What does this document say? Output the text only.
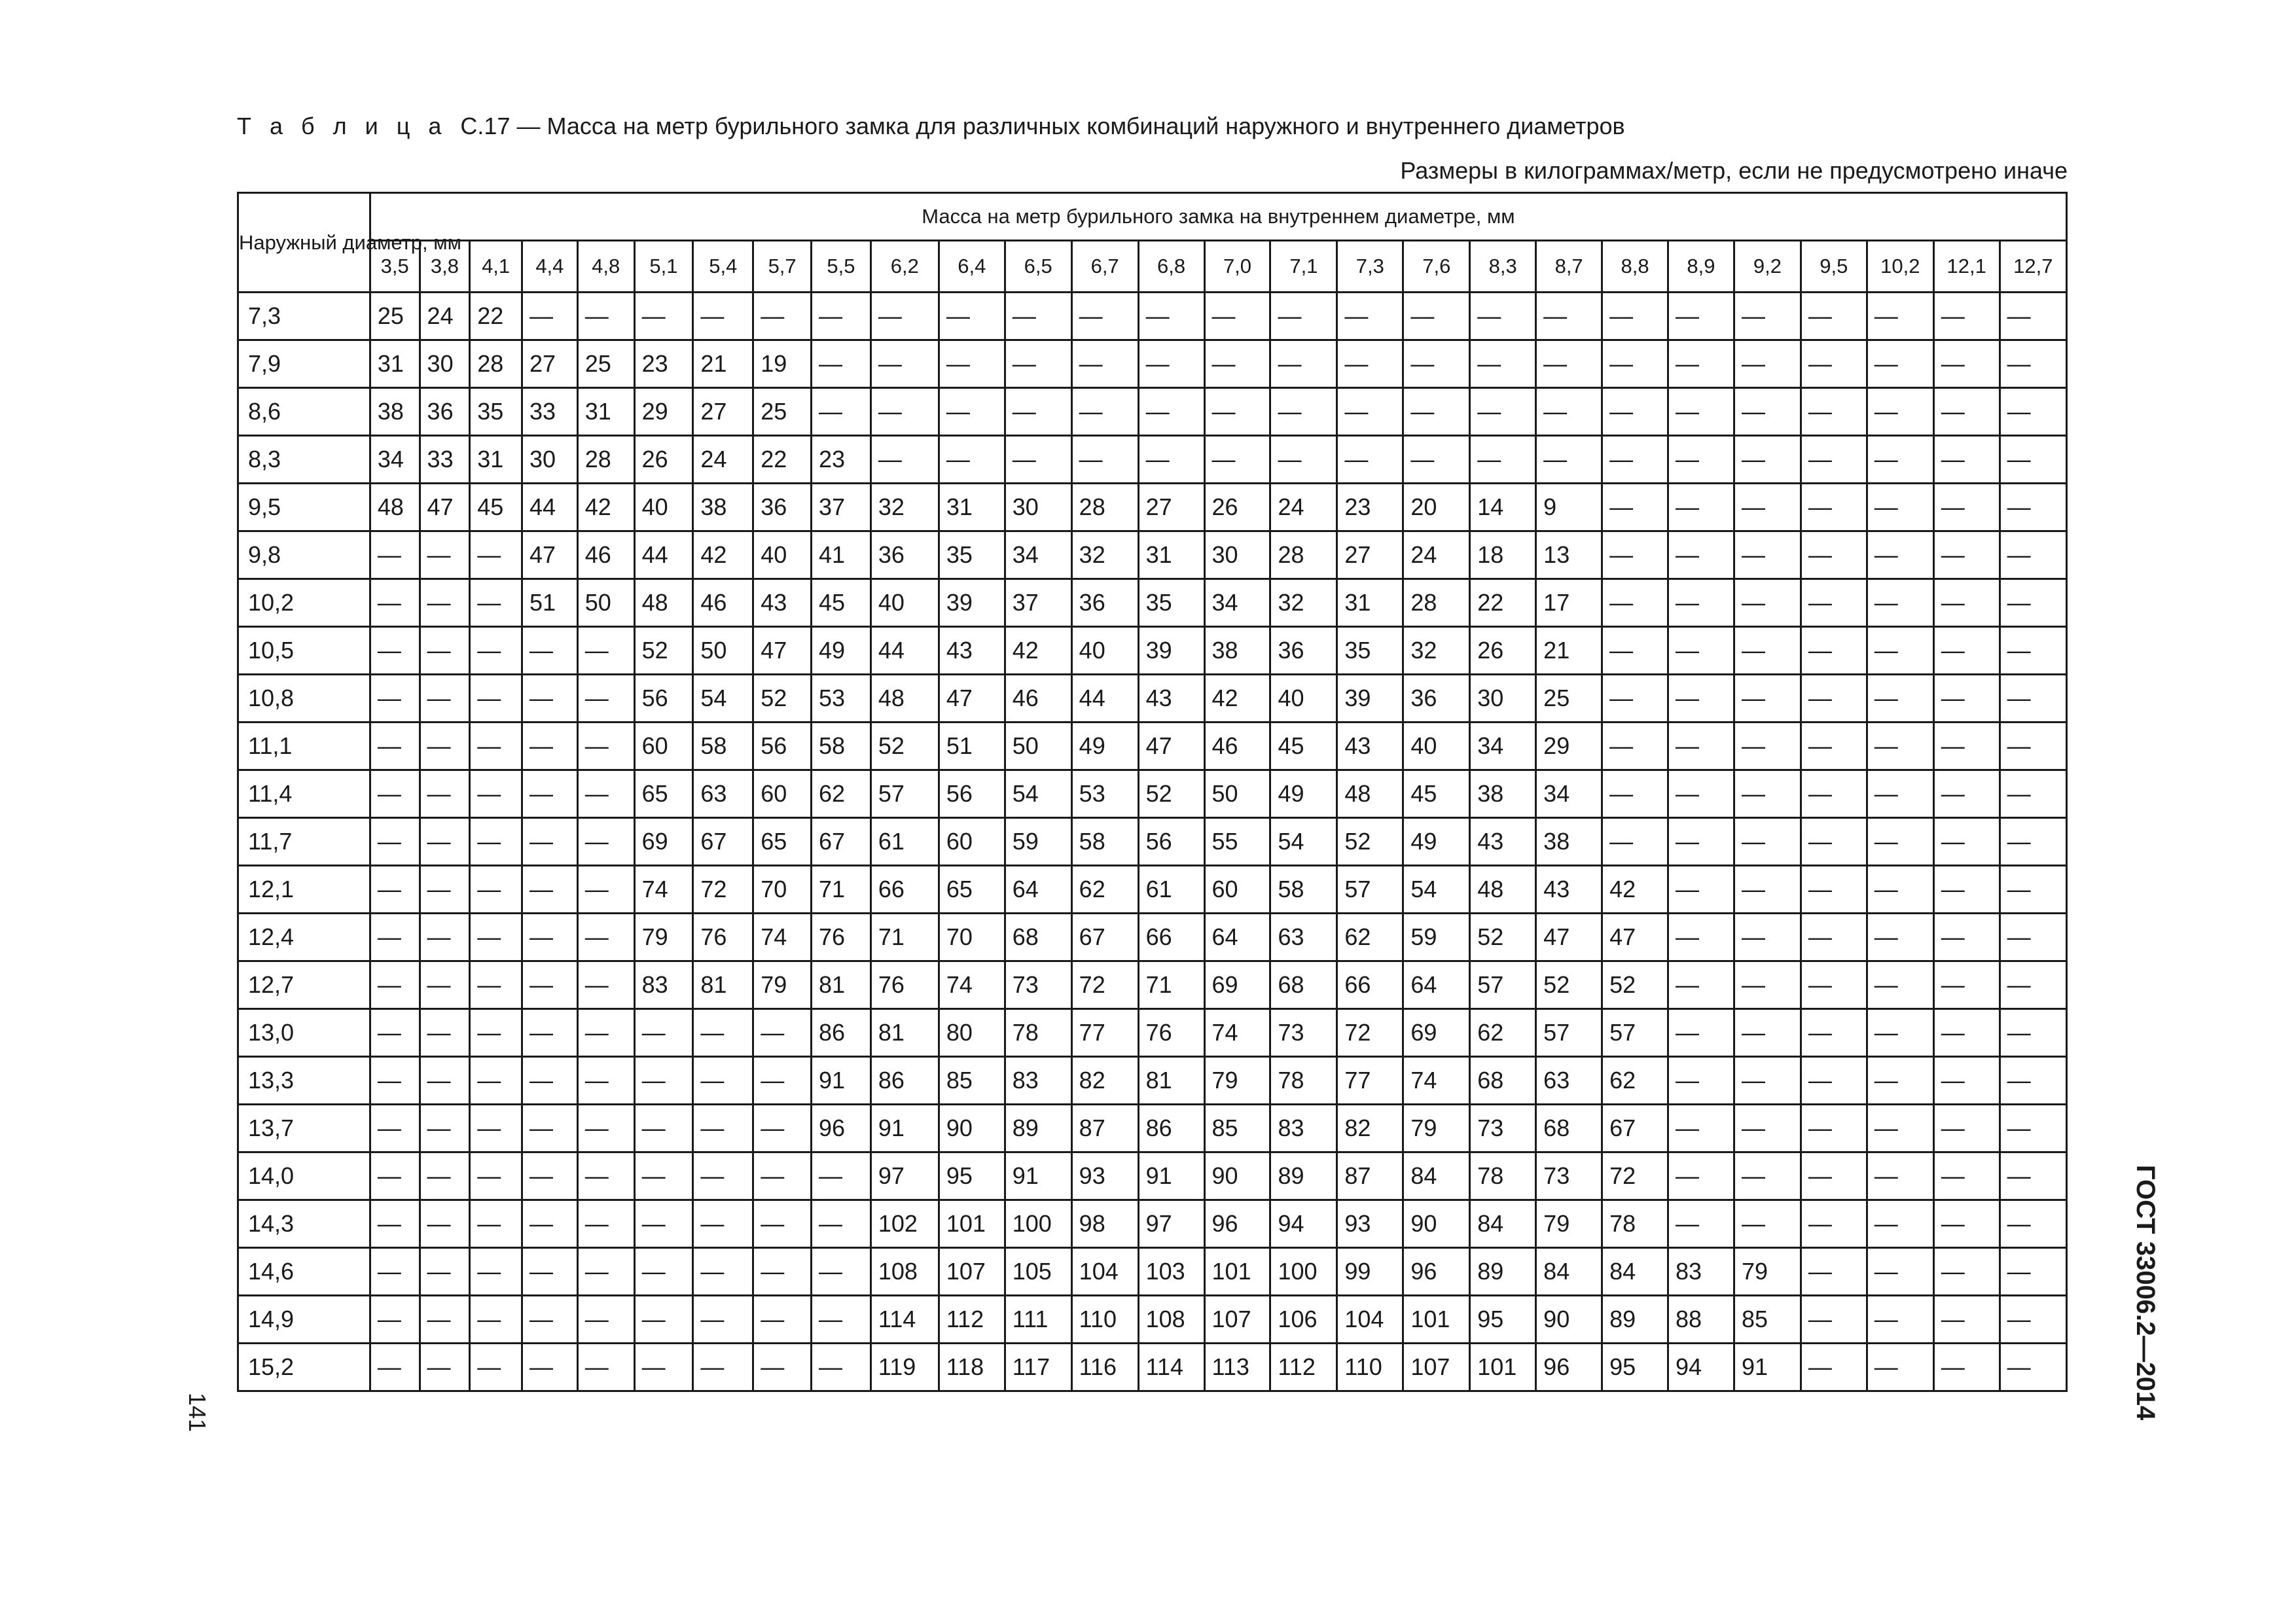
Т а б л и ц а С.17 — Масса на метр бурильного замка для различных комбинаций наружного и внутреннего диаметров
Размеры в килограммах/метр, если не предусмотрено иначе
Наружный диаметр, мм	Масса на метр бурильного замка на внутреннем диаметре, мм																										
	3,5	3,8	4,1	4,4	4,8	5,1	5,4	5,7	5,5	6,2	6,4	6,5	6,7	6,8	7,0	7,1	7,3	7,6	8,3	8,7	8,8	8,9	9,2	9,5	10,2	12,1	12,7
7,3	25	24	22	—	—	—	—	—	—	—	—	—	—	—	—	—	—	—	—	—	—	—	—	—	—	—	—
7,9	31	30	28	27	25	23	21	19	—	—	—	—	—	—	—	—	—	—	—	—	—	—	—	—	—	—	—
8,6	38	36	35	33	31	29	27	25	—	—	—	—	—	—	—	—	—	—	—	—	—	—	—	—	—	—	—
8,3	34	33	31	30	28	26	24	22	23	—	—	—	—	—	—	—	—	—	—	—	—	—	—	—	—	—	—
9,5	48	47	45	44	42	40	38	36	37	32	31	30	28	27	26	24	23	20	14	9	—	—	—	—	—	—	—
9,8	—	—	—	47	46	44	42	40	41	36	35	34	32	31	30	28	27	24	18	13	—	—	—	—	—	—	—
10,2	—	—	—	51	50	48	46	43	45	40	39	37	36	35	34	32	31	28	22	17	—	—	—	—	—	—	—
10,5	—	—	—	—	—	52	50	47	49	44	43	42	40	39	38	36	35	32	26	21	—	—	—	—	—	—	—
10,8	—	—	—	—	—	56	54	52	53	48	47	46	44	43	42	40	39	36	30	25	—	—	—	—	—	—	—
11,1	—	—	—	—	—	60	58	56	58	52	51	50	49	47	46	45	43	40	34	29	—	—	—	—	—	—	—
11,4	—	—	—	—	—	65	63	60	62	57	56	54	53	52	50	49	48	45	38	34	—	—	—	—	—	—	—
11,7	—	—	—	—	—	69	67	65	67	61	60	59	58	56	55	54	52	49	43	38	—	—	—	—	—	—	—
12,1	—	—	—	—	—	74	72	70	71	66	65	64	62	61	60	58	57	54	48	43	42	—	—	—	—	—	—
12,4	—	—	—	—	—	79	76	74	76	71	70	68	67	66	64	63	62	59	52	47	47	—	—	—	—	—	—
12,7	—	—	—	—	—	83	81	79	81	76	74	73	72	71	69	68	66	64	57	52	52	—	—	—	—	—	—
13,0	—	—	—	—	—	—	—	—	86	81	80	78	77	76	74	73	72	69	62	57	57	—	—	—	—	—	—
13,3	—	—	—	—	—	—	—	—	91	86	85	83	82	81	79	78	77	74	68	63	62	—	—	—	—	—	—
13,7	—	—	—	—	—	—	—	—	96	91	90	89	87	86	85	83	82	79	73	68	67	—	—	—	—	—	—
14,0	—	—	—	—	—	—	—	—	—	97	95	91	93	91	90	89	87	84	78	73	72	—	—	—	—	—	—
14,3	—	—	—	—	—	—	—	—	—	102	101	100	98	97	96	94	93	90	84	79	78	—	—	—	—	—	—
14,6	—	—	—	—	—	—	—	—	—	108	107	105	104	103	101	100	99	96	89	84	84	83	79	—	—	—	—
14,9	—	—	—	—	—	—	—	—	—	114	112	111	110	108	107	106	104	101	95	90	89	88	85	—	—	—	—
15,2	—	—	—	—	—	—	—	—	—	119	118	117	116	114	113	112	110	107	101	96	95	94	91	—	—	—	—
141	ГОСТ 33006.2—2014
